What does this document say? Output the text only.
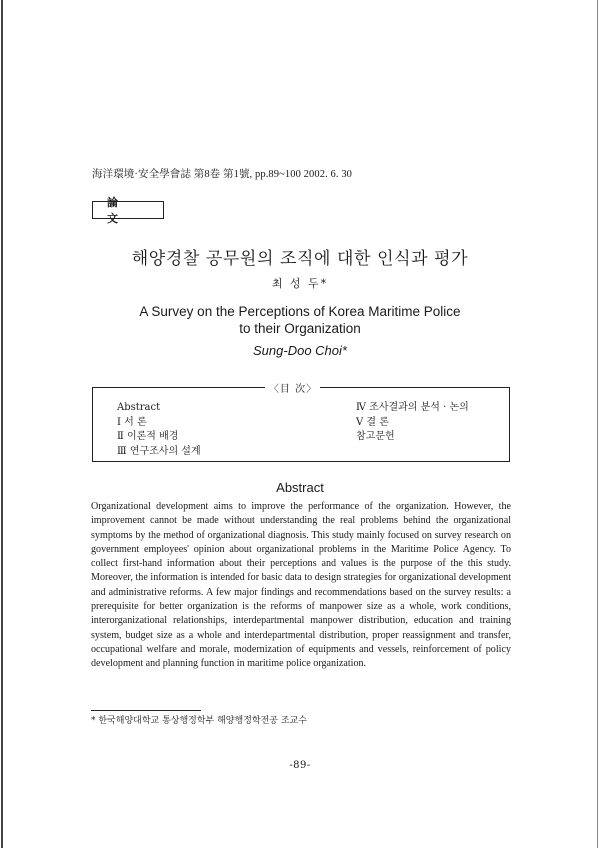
海洋環境·安全學會誌 第8卷 第1號, pp.89~100 2002. 6. 30
論 文
해양경찰 공무원의 조직에 대한 인식과 평가
최 성 두*
A Survey on the Perceptions of Korea Maritime Police
to their Organization
Sung-Doo Choi*
〈目 次〉
Abstract
Ⅰ 서 론
Ⅱ 이론적 배경
Ⅲ 연구조사의 설계
Ⅳ 조사결과의 분석 · 논의
Ⅴ 결 론
참고문헌
Abstract
Organizational development aims to improve the performance of the organization. However, the improvement cannot be made without understanding the real problems behind the organizational symptoms by the method of organizational diagnosis. This study mainly focused on survey research on government employees' opinion about organizational problems in the Maritime Police Agency. To collect first-hand information about their perceptions and values is the purpose of the this study. Moreover, the information is intended for basic data to design strategies for organizational development and administrative reforms. A few major findings and recommendations based on the survey results: a prerequisite for better organization is the reforms of manpower size as a whole, work conditions, interorganizational relationships, interdepartmental manpower distribution, education and training system, budget size as a whole and interdepartmental distribution, proper reassignment and transfer, occupational welfare and morale, modernization of equipments and vessels, reinforcement of policy development and planning function in maritime police organization.
* 한국해양대학교 통상행정학부 해양행정학전공 조교수
-89-
